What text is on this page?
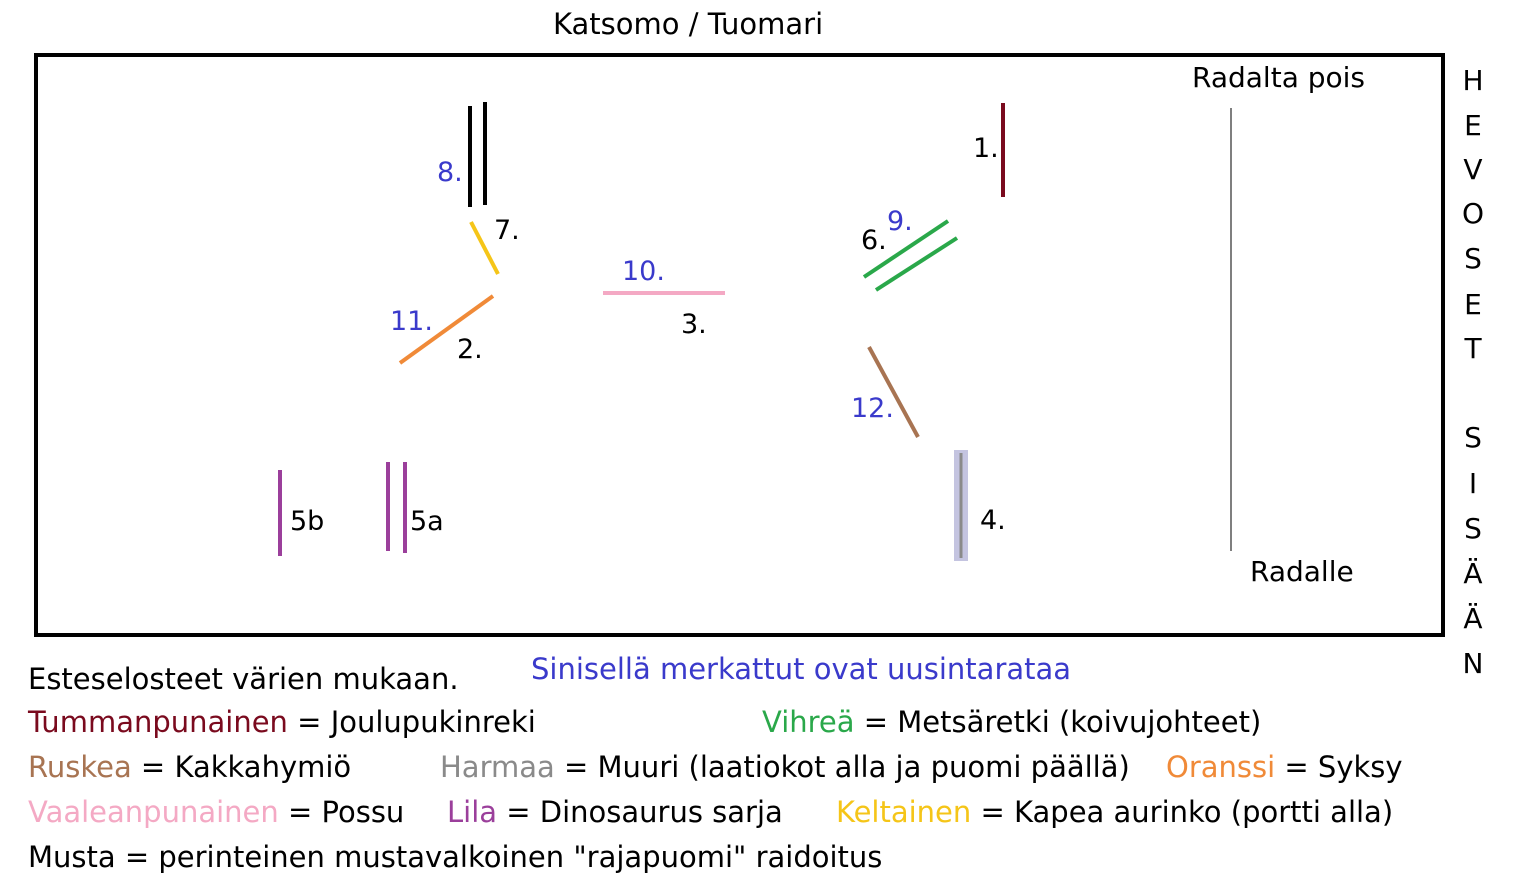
Katsomo / Tuomari
1.
2.
3.
4.
5a
5b
6.
7.
8.
9.
10.
11.
12.
Radalta pois
Radalle
H
E
V
O
S
E
T
S
I
S
Ä
Ä
N
Esteselosteet värien mukaan. Sinisellä merkattut ovat uusintaratаa
Tummanpunainen = Joulupukinreki	Vihreä = Metsäretki (koivujohteet)
Ruskea = Kakkahymiö	Harmaa = Muuri (laatiokot alla ja puomi päällä) Oranssi = Syksy
Vaaleanpunainen = Possu Lila = Dinosaurus sarja Keltainen = Kapea aurinko (portti alla)
Musta = perinteinen mustavalkoinen "rajapuomi" raidoitus
